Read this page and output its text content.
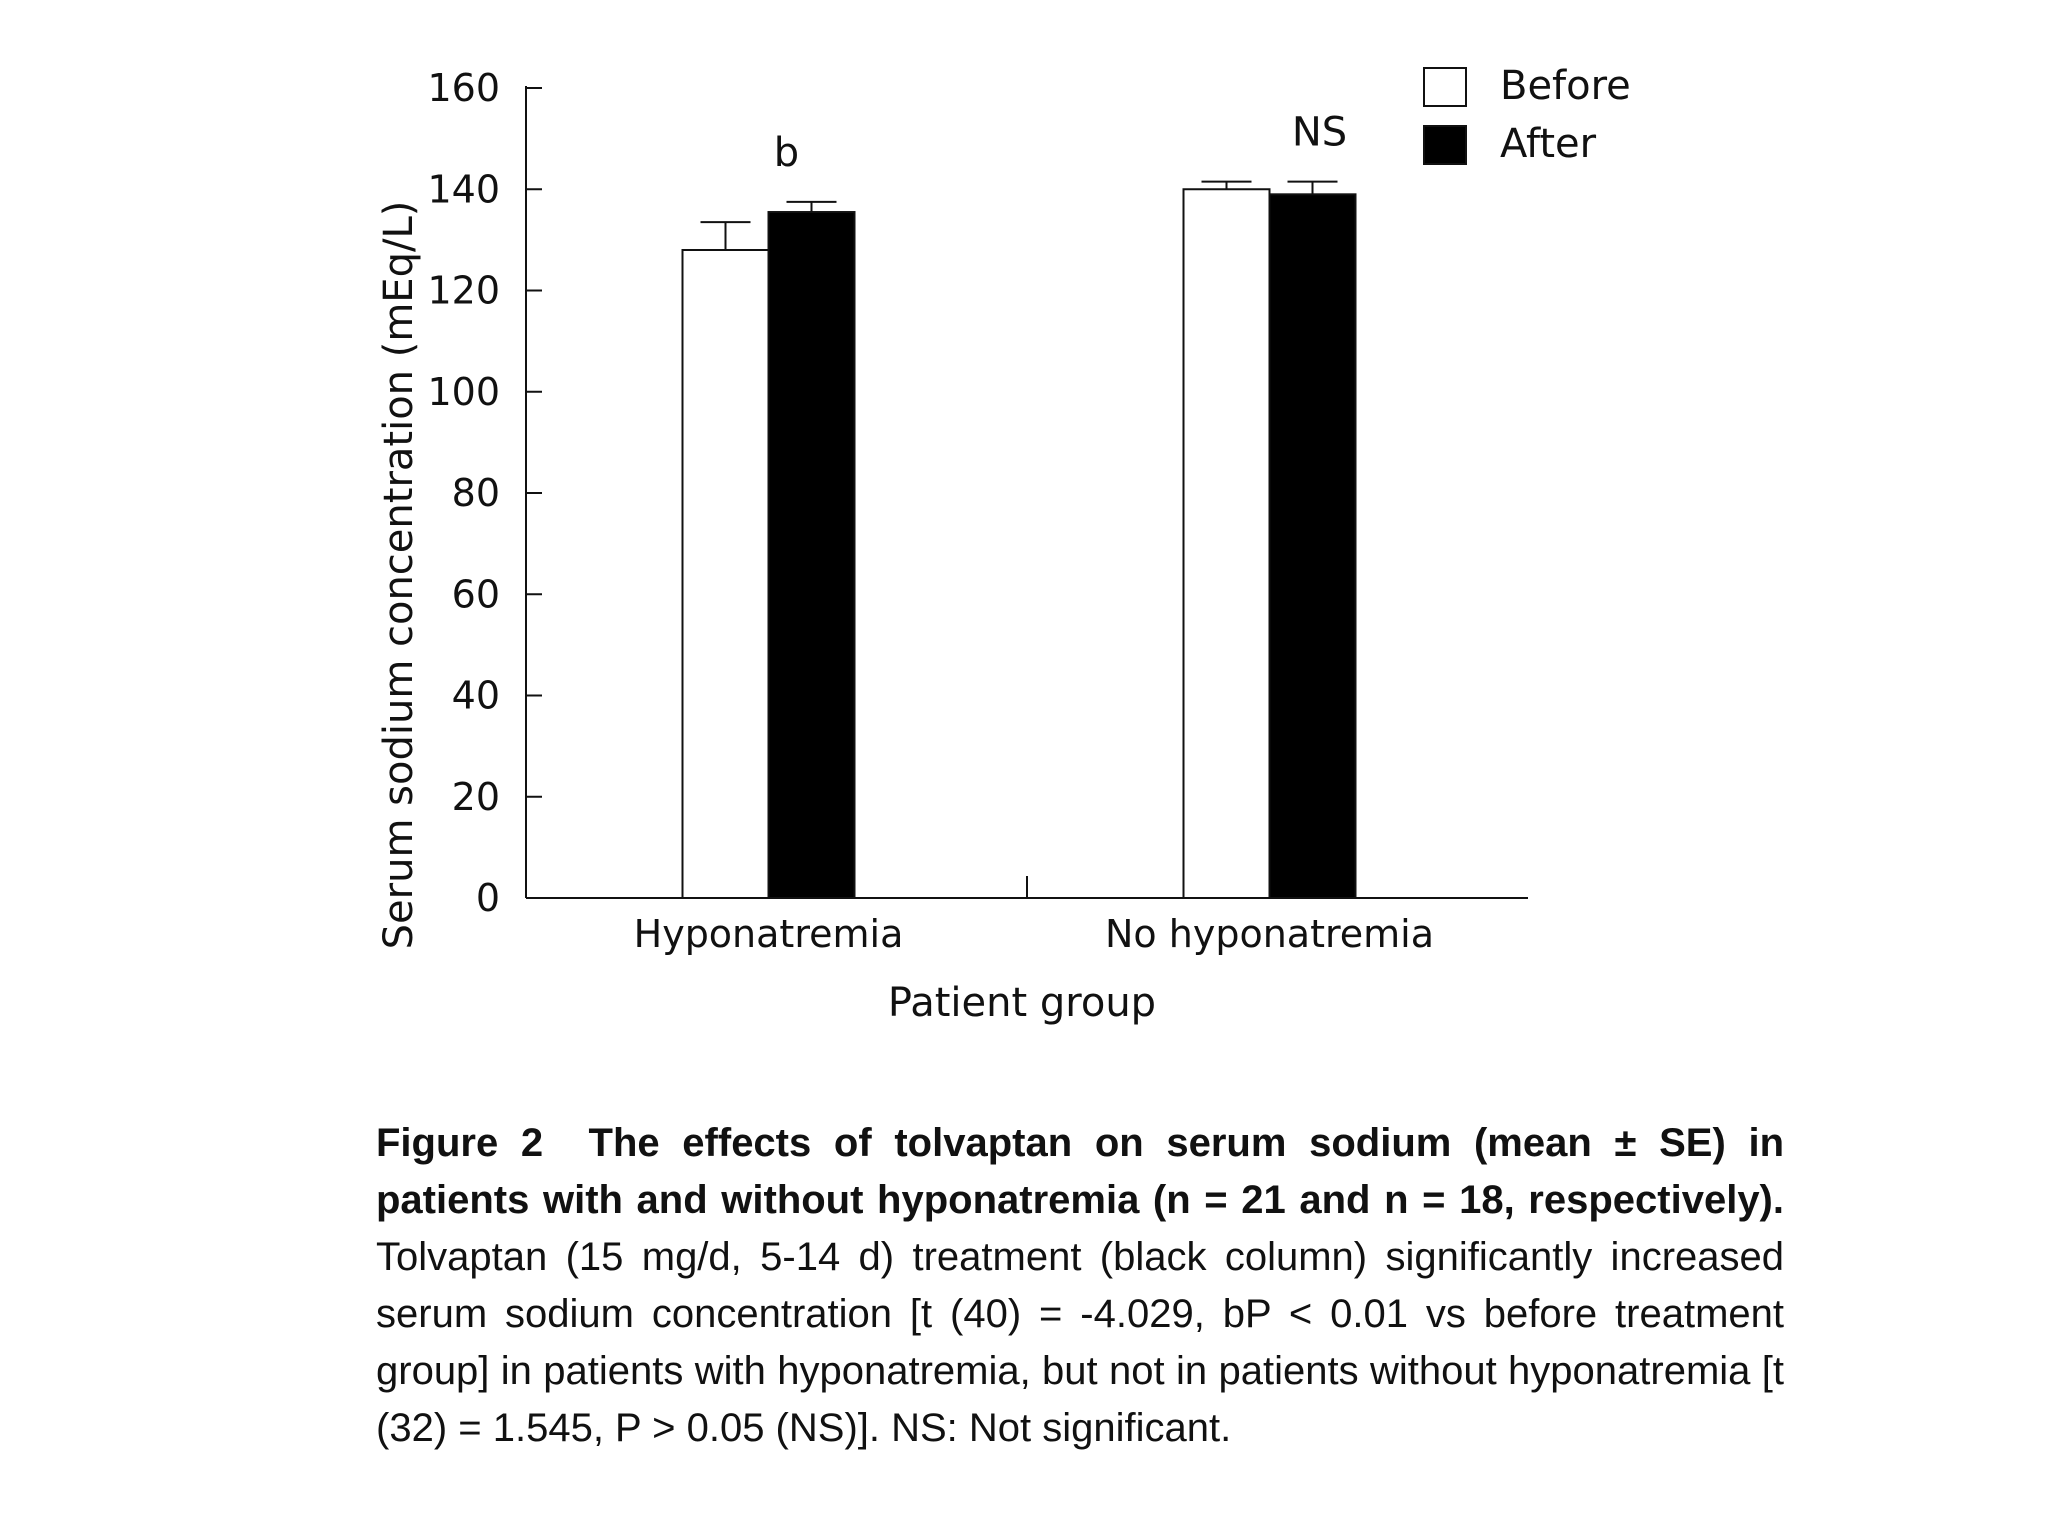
0
20
40
60
80
100
120
140
160
Hyponatremia	No hyponatremia
b	NS
Before
After
Serum sodium concentration (mEq/L)
Patient group
Figure 2 The effects of tolvaptan on serum sodium (mean ± SE) in patients with and without hyponatremia (n = 21 and n = 18, respectively). Tolvaptan (15 mg/d, 5-14 d) treatment (black column) significantly increased serum sodium concentration [t (40) = -4.029, bP < 0.01 vs before treatment group] in patients with hyponatremia, but not in patients without hyponatremia [t (32) = 1.545, P > 0.05 (NS)]. NS: Not significant.
